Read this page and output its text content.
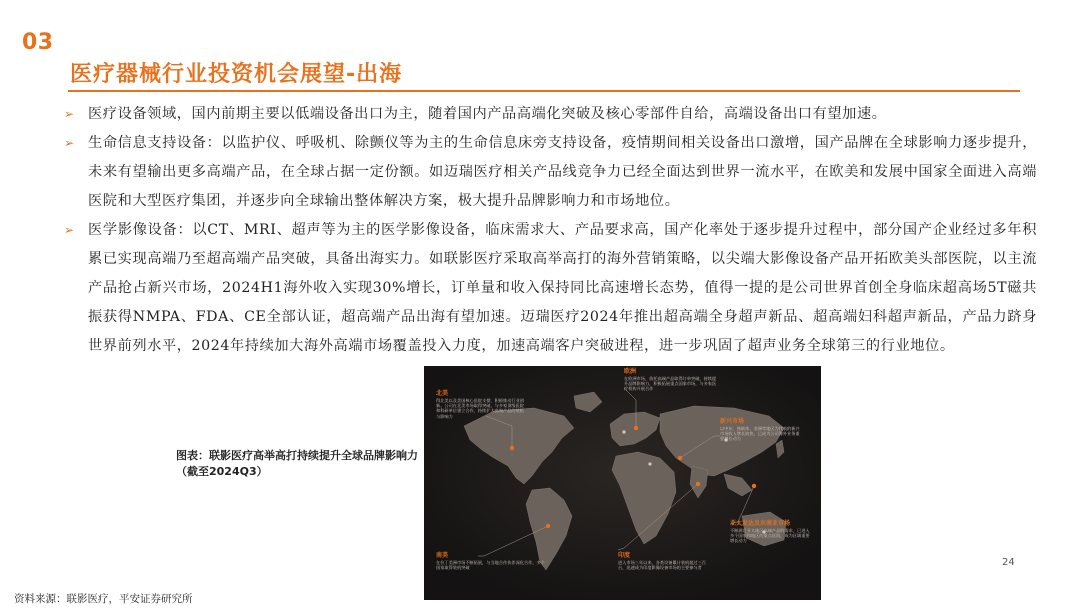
03
医疗器械行业投资机会展望-出海
➢ 医疗设备领域，国内前期主要以低端设备出口为主，随着国内产品高端化突破及核心零部件自给，高端设备出口有望加速。
➢ 生命信息支持设备：以监护仪、呼吸机、除颤仪等为主的生命信息床旁支持设备，疫情期间相关设备出口激增，国产品牌在全球影响力逐步提升，未来有望输出更多高端产品，在全球占据一定份额。如迈瑞医疗相关产品线竞争力已经全面达到世界一流水平，在欧美和发展中国家全面进入高端医院和大型医疗集团，并逐步向全球输出整体解决方案，极大提升品牌影响力和市场地位。
➢ 医学影像设备：以CT、MRI、超声等为主的医学影像设备，临床需求大、产品要求高，国产化率处于逐步提升过程中，部分国产企业经过多年积累已实现高端乃至超高端产品突破，具备出海实力。如联影医疗采取高举高打的海外营销策略，以尖端大影像设备产品开拓欧美头部医院，以主流产品抢占新兴市场，2024H1海外收入实现30%增长，订单量和收入保持同比高速增长态势，值得一提的是公司世界首创全身临床超高场5T磁共振获得NMPA、FDA、CE全部认证，超高端产品出海有望加速。迈瑞医疗2024年推出超高端全身超声新品、超高端妇科超声新品，产品力跻身世界前列水平，2024年持续加大海外高端市场覆盖投入力度，加速高端客户突破进程，进一步巩固了超声业务全球第三的行业地位。
图表：联影医疗高举高打持续提升全球品牌影响力（截至2024Q3）
北美
得北美以及美国核心医院支撑，积极推动行业创新。公司在北美市场取得突破，与多家顶级医院和科研单位建立合作，持续扩大高端产品的装机与影响力
欧洲
在欧洲市场，依托高端产品取得订单突破，持续提升品牌影响力，积极拓展重点国家市场，与多家医疗机构开展合作
新兴市场
以中东、独联体、非洲等地区为代表的新兴市场收入增长较快，已成为公司海外业务重要增长动力
亚太发达及东南亚市场
不断满足亚太地区高端产品的需求，已进入多个国家和地区的重点医院，成为区域重要增长动力
南美
在拉丁美洲市场不断拓展，与当地合作伙伴深化合作，多个国家取得装机突破
印度
进入市场三年以来，各类设备累计装机超过三百台，迅速成为印度影像设备市场的主要参与者	24
资料来源：联影医疗，平安证券研究所
